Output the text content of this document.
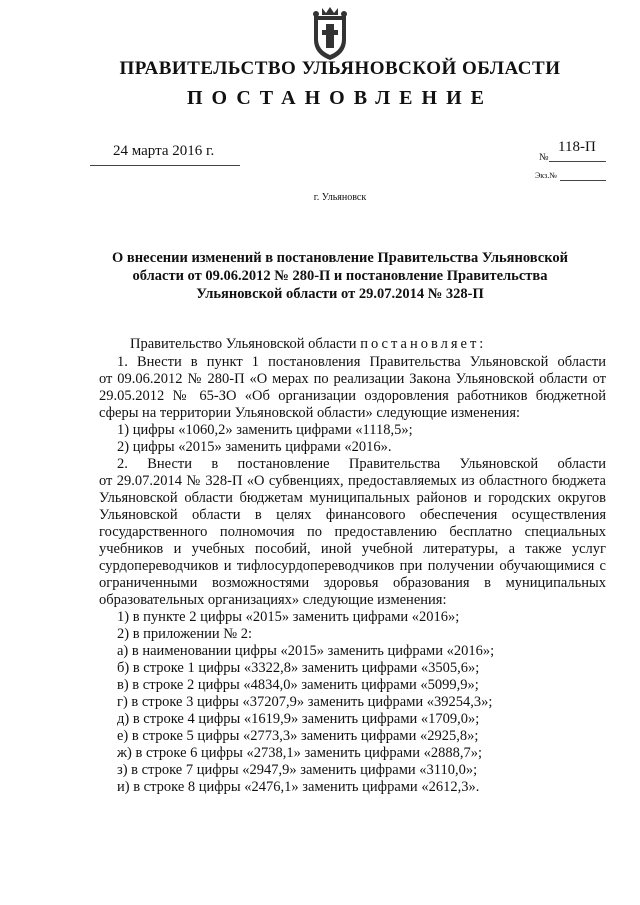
ПРАВИТЕЛЬСТВО УЛЬЯНОВСКОЙ ОБЛАСТИ
ПОСТАНОВЛЕНИЕ
24 марта 2016 г.	№
118-П
Экз.№
г. Ульяновск
О внесении изменений в постановление Правительства Ульяновской области от 09.06.2012 № 280-П и постановление Правительства Ульяновской области от 29.07.2014 № 328-П

Правительство Ульяновской области постановляет:

1. Внести в пункт 1 постановления Правительства Ульяновской области

от 09.06.2012 № 280-П «О мерах по реализации Закона Ульяновской области от 29.05.2012 № 65-ЗО «Об организации оздоровления работников бюджетной сферы на территории Ульяновской области» следующие изменения:

1) цифры «1060,2» заменить цифрами «1118,5»;

2) цифры «2015» заменить цифрами «2016».

2. Внести в постановление Правительства Ульяновской области

от 29.07.2014 № 328-П «О субвенциях, предоставляемых из областного бюджета Ульяновской области бюджетам муниципальных районов и городских округов Ульяновской области в целях финансового обеспечения осуществления государственного полномочия по предоставлению бесплатно специальных учебников и учебных пособий, иной учебной литературы, а также услуг сурдопереводчиков и тифлосурдопереводчиков при получении обучающимися с ограниченными возможностями здоровья образования в муниципальных образовательных организациях» следующие изменения:

1) в пункте 2 цифры «2015» заменить цифрами «2016»;

2) в приложении № 2:

а) в наименовании цифры «2015» заменить цифрами «2016»;

б) в строке 1 цифры «3322,8» заменить цифрами «3505,6»;

в) в строке 2 цифры «4834,0» заменить цифрами «5099,9»;

г) в строке 3 цифры «37207,9» заменить цифрами «39254,3»;

д) в строке 4 цифры «1619,9» заменить цифрами «1709,0»;

е) в строке 5 цифры «2773,3» заменить цифрами «2925,8»;

ж) в строке 6 цифры «2738,1» заменить цифрами «2888,7»;

з) в строке 7 цифры «2947,9» заменить цифрами «3110,0»;

и) в строке 8 цифры «2476,1» заменить цифрами «2612,3».
